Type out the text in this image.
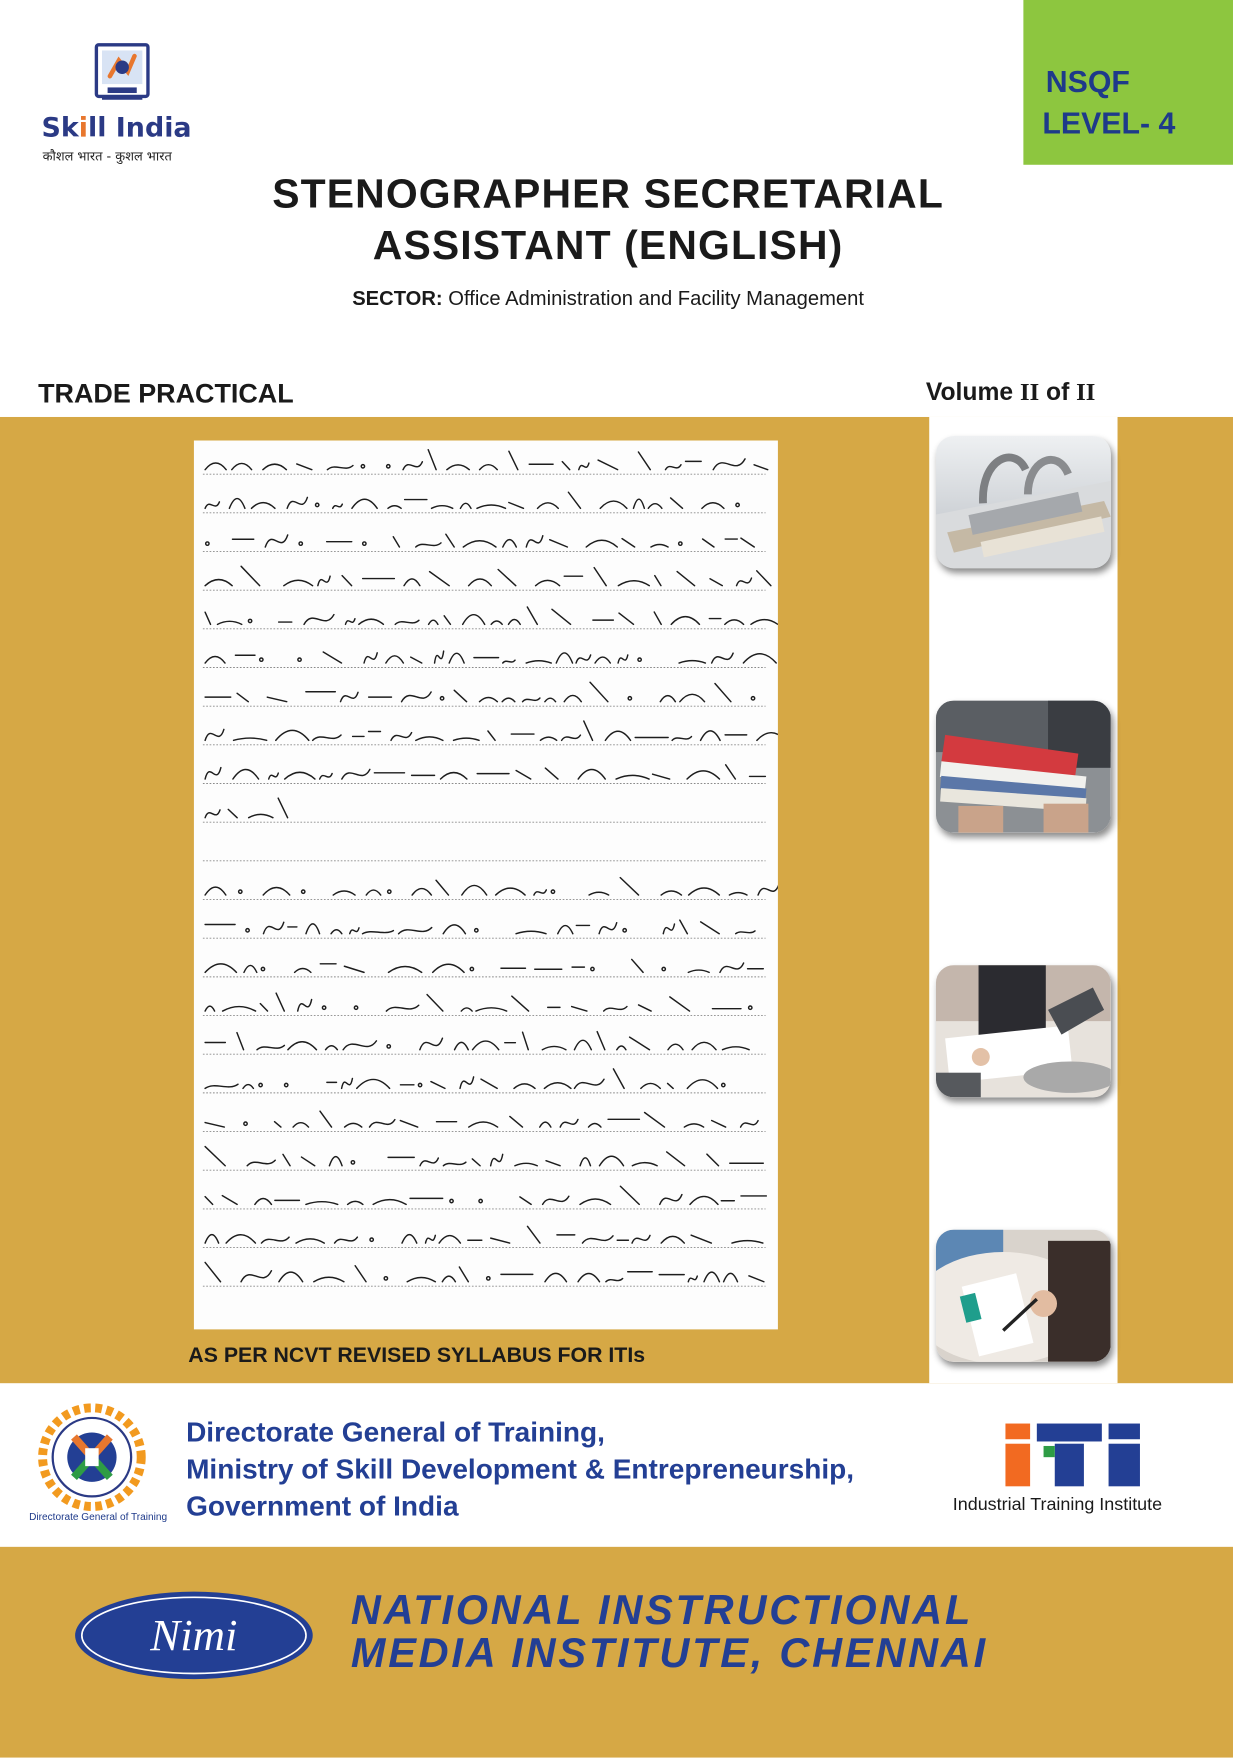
Skill India
कौशल भारत - कुशल भारत
NSQF
LEVEL- 4
STENOGRAPHER SECRETARIAL
ASSISTANT (ENGLISH)
SECTOR: Office Administration and Facility Management
TRADE PRACTICAL	Volume II of II
AS PER NCVT REVISED SYLLABUS FOR ITIs
Directorate General of Training
Directorate General of Training,
Ministry of Skill Development & Entrepreneurship,
Government of India	Industrial Training Institute
Nimi	NATIONAL INSTRUCTIONAL
MEDIA INSTITUTE, CHENNAI
